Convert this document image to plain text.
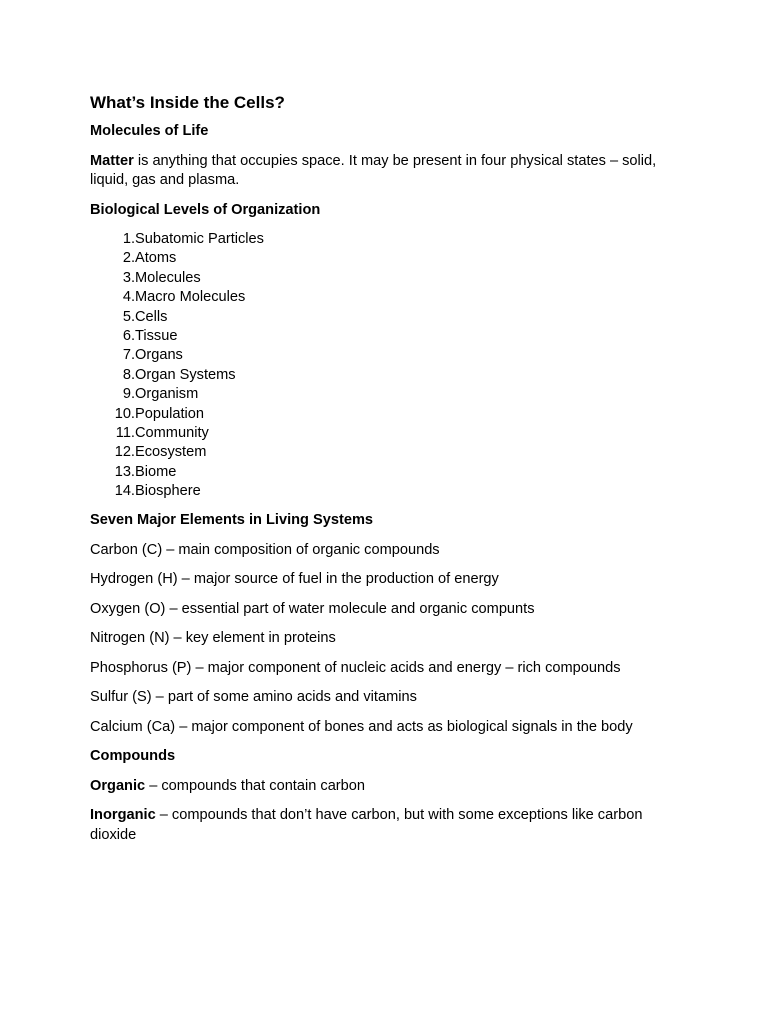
What’s Inside the Cells?
Molecules of Life
Matter is anything that occupies space. It may be present in four physical states – solid, liquid, gas and plasma.
Biological Levels of Organization
1. Subatomic Particles
2. Atoms
3. Molecules
4. Macro Molecules
5. Cells
6. Tissue
7. Organs
8. Organ Systems
9. Organism
10. Population
11. Community
12. Ecosystem
13. Biome
14. Biosphere
Seven Major Elements in Living Systems
Carbon (C) – main composition of organic compounds
Hydrogen (H) – major source of fuel in the production of energy
Oxygen (O) – essential part of water molecule and organic compunts
Nitrogen (N) – key element in proteins
Phosphorus (P) – major component of nucleic acids and energy – rich compounds
Sulfur (S) – part of some amino acids and vitamins
Calcium (Ca) – major component of bones and acts as biological signals in the body
Compounds
Organic – compounds that contain carbon
Inorganic – compounds that don’t have carbon, but with some exceptions like carbon dioxide
